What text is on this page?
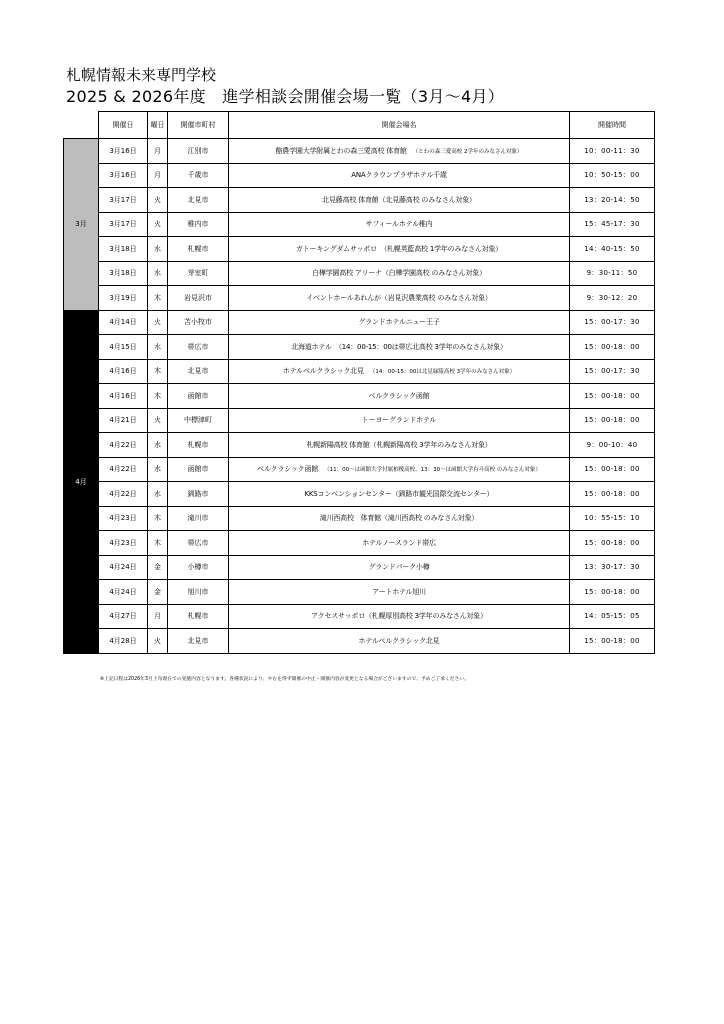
札幌情報未来専門学校
2025 & 2026年度　進学相談会開催会場一覧（3月〜4月）
	開催日	曜日	開催市町村	開催会場名	開催時間
3月	3月16日	月	江別市	酪農学園大学附属とわの森三愛高校 体育館 （とわの森三愛高校 2学年のみなさん対象）	10：00-11：30
	3月16日	月	千歳市	ANAクラウンプラザホテル千歳	10：50-15：00
	3月17日	火	北見市	北見藤高校 体育館（北見藤高校 のみなさん対象）	13：20-14：50
	3月17日	火	稚内市	サフィールホテル稚内	15：45-17：30
	3月18日	水	札幌市	ガトーキングダムサッポロ　（札幌英藍高校 1学年のみなさん対象）	14：40-15：50
	3月18日	水	芽室町	白樺学園高校 アリーナ（白樺学園高校 のみなさん対象）	9：30-11：50
	3月19日	木	岩見沢市	イベントホールあれんが（岩見沢農業高校 のみなさん対象）	9：30-12：20
4月	4月14日	火	苫小牧市	グランドホテルニュー王子	15：00-17：30
	4月15日	水	帯広市	北海道ホテル　（14：00-15：00は帯広北高校 3学年のみなさん対象）	15：00-18：00
	4月16日	木	北見市	ホテルベルクラシック北見 （14：00-15：00は北見緑陵高校 3学年のみなさん対象）	15：00-17：30
	4月16日	木	函館市	ベルクラシック函館	15：00-18：00
	4月21日	火	中標津町	トーヨーグランドホテル	15：00-18：00
	4月22日	水	札幌市	札幌新陽高校 体育館（札幌新陽高校 3学年のみなさん対象）	9：00-10：40
	4月22日	水	函館市	ベルクラシック函館 （11：00〜は函館大学付属柏稜高校、13：30〜は函館大学有斗高校 のみなさん対象）	15：00-18：00
	4月22日	水	釧路市	KKSコンベンションセンター（釧路市観光国際交流センター）	15：00-18：00
	4月23日	木	滝川市	滝川西高校　体育館（滝川西高校 のみなさん対象）	10：55-15：10
	4月23日	木	帯広市	ホテルノースランド帯広	15：00-18：00
	4月24日	金	小樽市	グランドパーク小樽	13：30-17：30
	4月24日	金	旭川市	アートホテル旭川	15：00-18：00
	4月27日	月	札幌市	アクセスサッポロ（札幌厚別高校 3学年のみなさん対象）	14：05-15：05
	4月28日	火	北見市	ホテルベルクラシック北見	15：00-18：00

※上記日程は2026年3月上旬現在での実施内容となります。各種状況により、やむを得ず開催の中止・開催内容が変更となる場合がございますので、予めご了承ください。
